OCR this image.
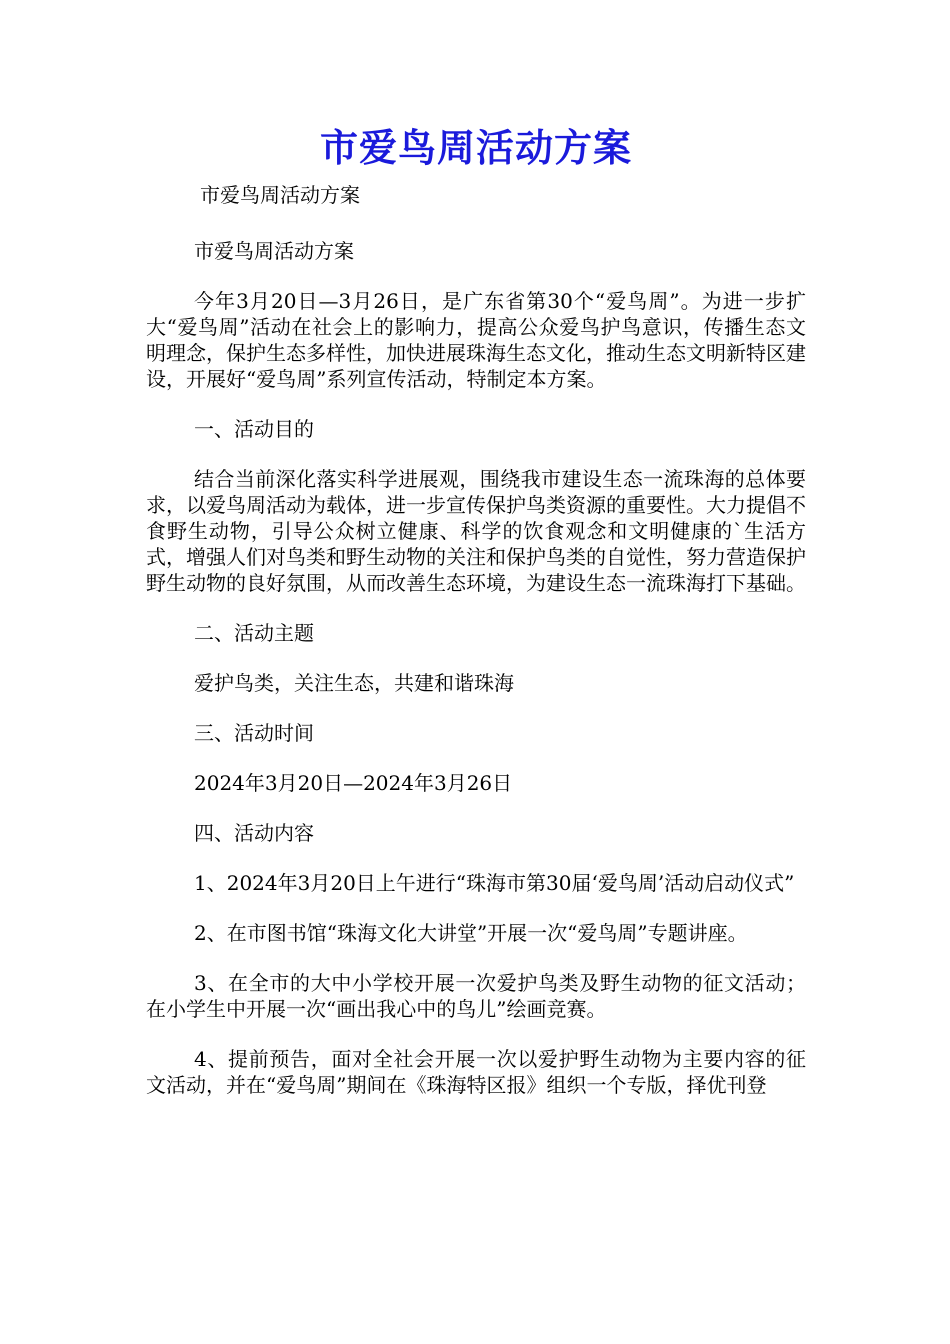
市爱鸟周活动方案

市爱鸟周活动方案

市爱鸟周活动方案

今年3月20日—3月26日，是广东省第30个“爱鸟周”。为进一步扩大“爱鸟周”活动在社会上的影响力，提高公众爱鸟护鸟意识，传播生态文明理念，保护生态多样性，加快进展珠海生态文化，推动生态文明新特区建设，开展好“爱鸟周”系列宣传活动，特制定本方案。

一、活动目的

结合当前深化落实科学进展观，围绕我市建设生态一流珠海的总体要求，以爱鸟周活动为载体，进一步宣传保护鸟类资源的重要性。大力提倡不食野生动物，引导公众树立健康、科学的饮食观念和文明健康的`生活方式，增强人们对鸟类和野生动物的关注和保护鸟类的自觉性，努力营造保护野生动物的良好氛围，从而改善生态环境，为建设生态一流珠海打下基础。

二、活动主题

爱护鸟类，关注生态，共建和谐珠海

三、活动时间

2024年3月20日—2024年3月26日

四、活动内容

1、2024年3月20日上午进行“珠海市第30届‘爱鸟周’活动启动仪式”

2、在市图书馆“珠海文化大讲堂”开展一次“爱鸟周”专题讲座。

3、在全市的大中小学校开展一次爱护鸟类及野生动物的征文活动；在小学生中开展一次“画出我心中的鸟儿”绘画竞赛。

4、提前预告，面对全社会开展一次以爱护野生动物为主要内容的征文活动，并在“爱鸟周”期间在《珠海特区报》组织一个专版，择优刊登
